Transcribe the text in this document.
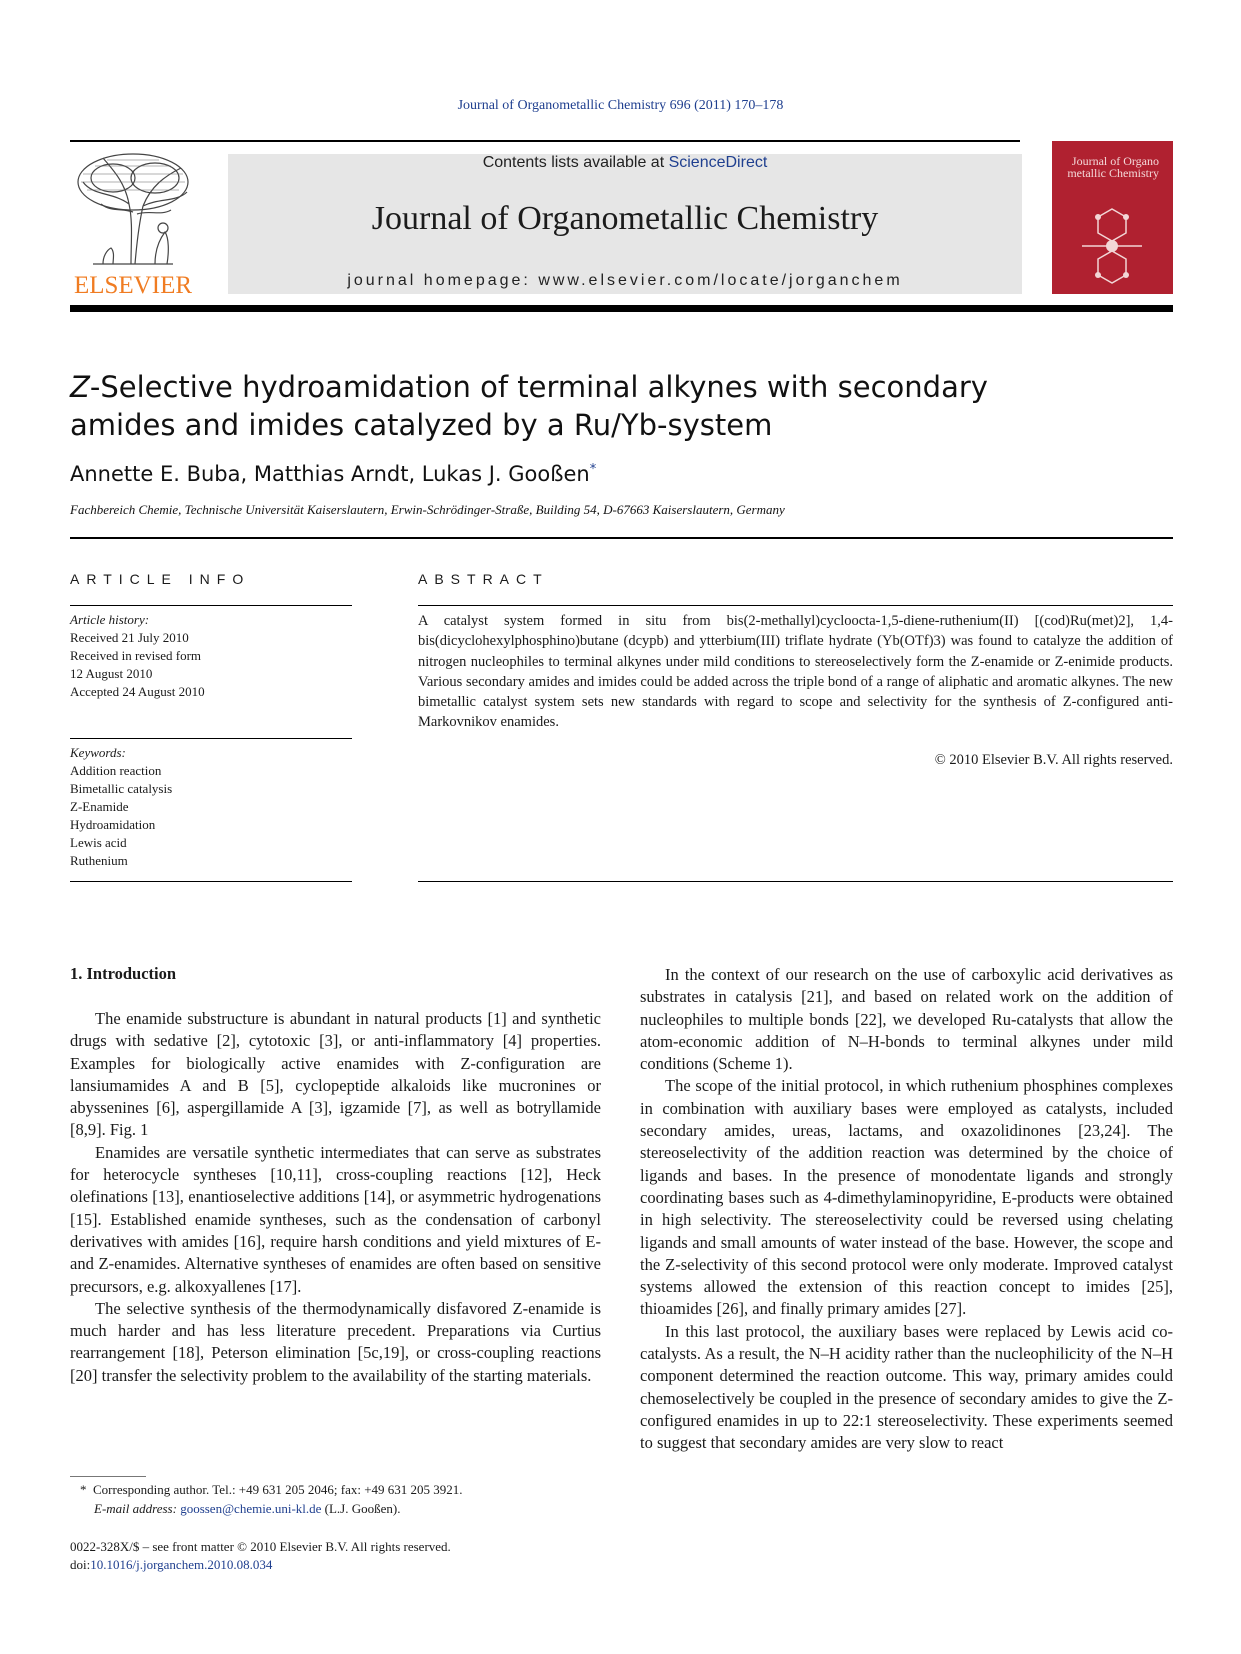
Journal of Organometallic Chemistry 696 (2011) 170–178
ELSEVIER
Contents lists available at ScienceDirect
Journal of Organometallic Chemistry
journal homepage: www.elsevier.com/locate/jorganchem
Journal of Organo metallic Chemistry
Z-Selective hydroamidation of terminal alkynes with secondary amides and imides catalyzed by a Ru/Yb-system
Annette E. Buba, Matthias Arndt, Lukas J. Gooßen*
Fachbereich Chemie, Technische Universität Kaiserslautern, Erwin-Schrödinger-Straße, Building 54, D-67663 Kaiserslautern, Germany
ARTICLE INFO
Article history:
Received 21 July 2010
Received in revised form
12 August 2010
Accepted 24 August 2010
Keywords:
Addition reaction
Bimetallic catalysis
Z-Enamide
Hydroamidation
Lewis acid
Ruthenium
ABSTRACT
A catalyst system formed in situ from bis(2-methallyl)cycloocta-1,5-diene-ruthenium(II) [(cod)Ru(met)2], 1,4-bis(dicyclohexylphosphino)butane (dcypb) and ytterbium(III) triflate hydrate (Yb(OTf)3) was found to catalyze the addition of nitrogen nucleophiles to terminal alkynes under mild conditions to stereoselectively form the Z-enamide or Z-enimide products. Various secondary amides and imides could be added across the triple bond of a range of aliphatic and aromatic alkynes. The new bimetallic catalyst system sets new standards with regard to scope and selectivity for the synthesis of Z-configured anti-Markovnikov enamides.
© 2010 Elsevier B.V. All rights reserved.
1. Introduction

The enamide substructure is abundant in natural products [1] and synthetic drugs with sedative [2], cytotoxic [3], or anti-inflammatory [4] properties. Examples for biologically active enamides with Z-configuration are lansiumamides A and B [5], cyclopeptide alkaloids like mucronines or abyssenines [6], aspergillamide A [3], igzamide [7], as well as botryllamide [8,9]. Fig. 1

Enamides are versatile synthetic intermediates that can serve as substrates for heterocycle syntheses [10,11], cross-coupling reactions [12], Heck olefinations [13], enantioselective additions [14], or asymmetric hydrogenations [15]. Established enamide syntheses, such as the condensation of carbonyl derivatives with amides [16], require harsh conditions and yield mixtures of E- and Z-enamides. Alternative syntheses of enamides are often based on sensitive precursors, e.g. alkoxyallenes [17].

The selective synthesis of the thermodynamically disfavored Z-enamide is much harder and has less literature precedent. Preparations via Curtius rearrangement [18], Peterson elimination [5c,19], or cross-coupling reactions [20] transfer the selectivity problem to the availability of the starting materials.

In the context of our research on the use of carboxylic acid derivatives as substrates in catalysis [21], and based on related work on the addition of nucleophiles to multiple bonds [22], we developed Ru-catalysts that allow the atom-economic addition of N–H-bonds to terminal alkynes under mild conditions (Scheme 1).

The scope of the initial protocol, in which ruthenium phosphines complexes in combination with auxiliary bases were employed as catalysts, included secondary amides, ureas, lactams, and oxazolidinones [23,24]. The stereoselectivity of the addition reaction was determined by the choice of ligands and bases. In the presence of monodentate ligands and strongly coordinating bases such as 4-dimethylaminopyridine, E-products were obtained in high selectivity. The stereoselectivity could be reversed using chelating ligands and small amounts of water instead of the base. However, the scope and the Z-selectivity of this second protocol were only moderate. Improved catalyst systems allowed the extension of this reaction concept to imides [25], thioamides [26], and finally primary amides [27].

In this last protocol, the auxiliary bases were replaced by Lewis acid co-catalysts. As a result, the N–H acidity rather than the nucleophilicity of the N–H component determined the reaction outcome. This way, primary amides could chemoselectively be coupled in the presence of secondary amides to give the Z-configured enamides in up to 22:1 stereoselectivity. These experiments seemed to suggest that secondary amides are very slow to react

* Corresponding author. Tel.: +49 631 205 2046; fax: +49 631 205 3921.
E-mail address: goossen@chemie.uni-kl.de (L.J. Gooßen).
0022-328X/$ – see front matter © 2010 Elsevier B.V. All rights reserved.
doi:10.1016/j.jorganchem.2010.08.034
